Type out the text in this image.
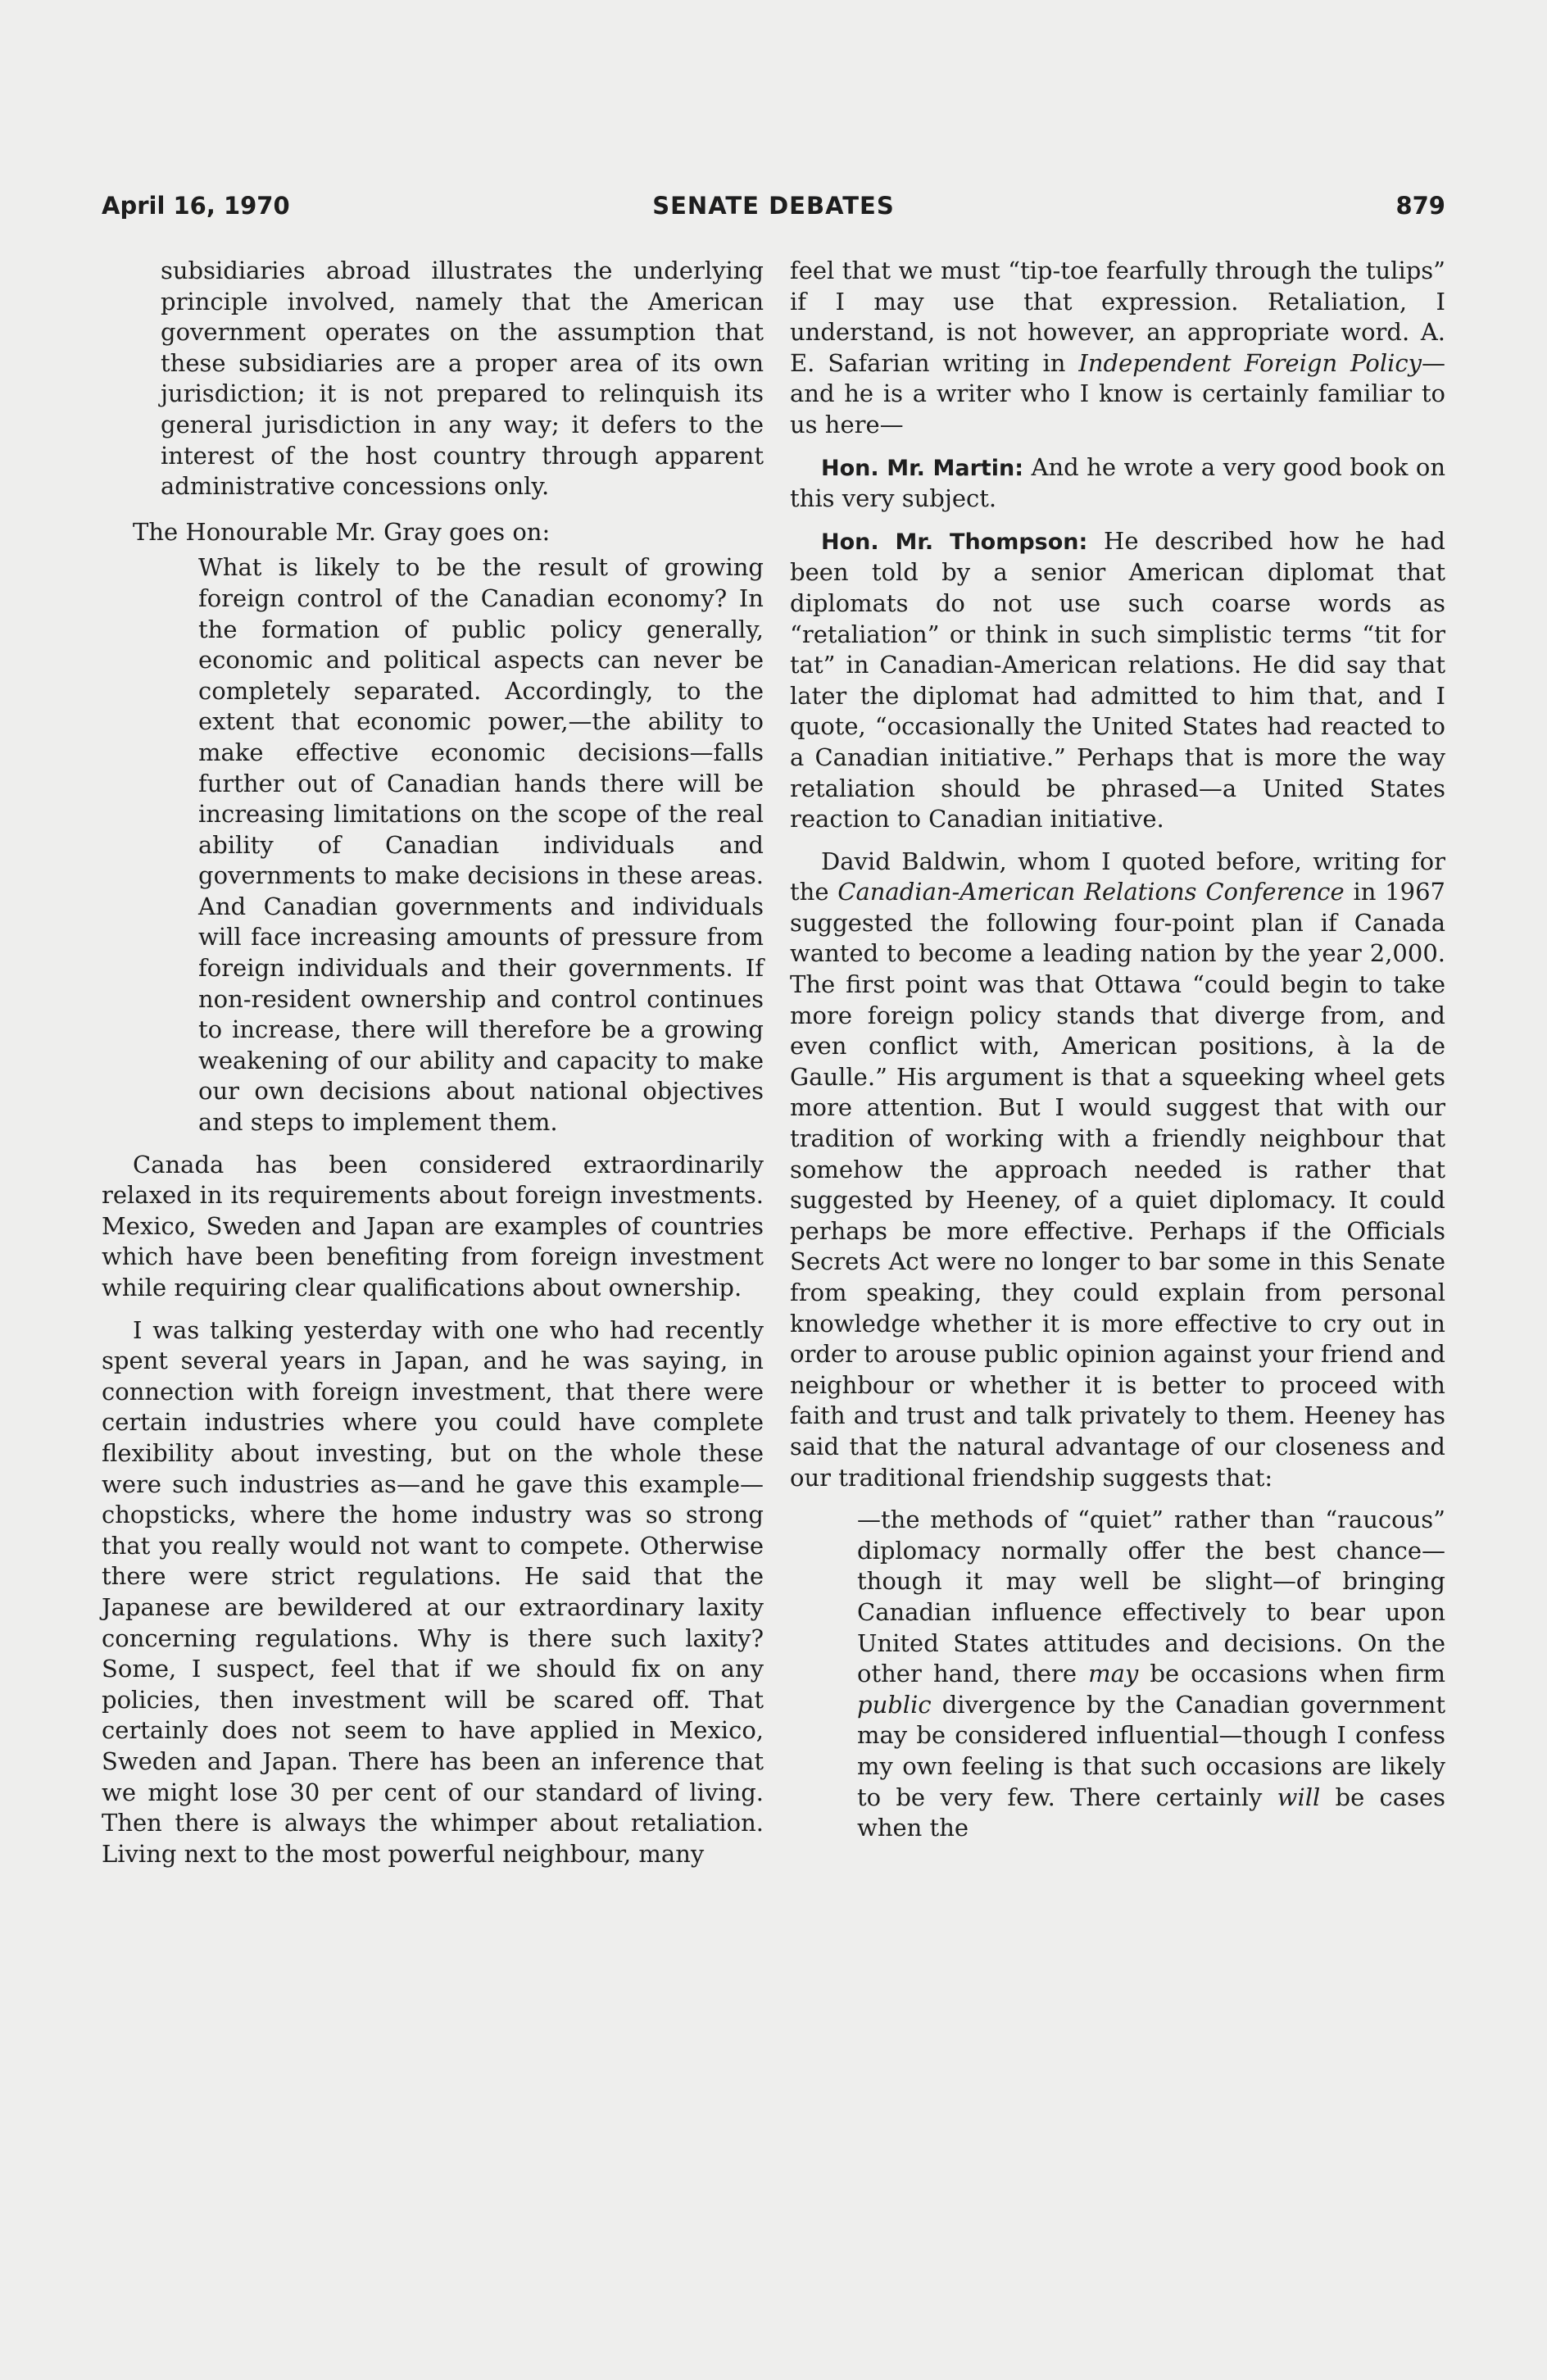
April 16, 1970	SENATE DEBATES	879
subsidiaries abroad illustrates the underlying principle involved, namely that the American government operates on the assumption that these subsidiaries are a proper area of its own jurisdiction; it is not prepared to relinquish its general jurisdiction in any way; it defers to the interest of the host country through apparent administrative concessions only.

The Honourable Mr. Gray goes on:

What is likely to be the result of growing foreign control of the Canadian economy? In the formation of public policy generally, economic and political aspects can never be completely separated. Accordingly, to the extent that economic power,—the ability to make effective economic decisions—falls further out of Canadian hands there will be increasing limitations on the scope of the real ability of Canadian individuals and governments to make decisions in these areas. And Canadian governments and individuals will face increasing amounts of pressure from foreign individuals and their governments. If non-resident ownership and control continues to increase, there will therefore be a growing weakening of our ability and capacity to make our own decisions about national objectives and steps to implement them.

Canada has been considered extraordinarily relaxed in its requirements about foreign investments. Mexico, Sweden and Japan are examples of countries which have been benefiting from foreign investment while requiring clear qualifications about ownership.

I was talking yesterday with one who had recently spent several years in Japan, and he was saying, in connection with foreign investment, that there were certain industries where you could have complete flexibility about investing, but on the whole these were such industries as—and he gave this example—chopsticks, where the home industry was so strong that you really would not want to compete. Otherwise there were strict regulations. He said that the Japanese are bewildered at our extraordinary laxity concerning regulations. Why is there such laxity? Some, I suspect, feel that if we should fix on any policies, then investment will be scared off. That certainly does not seem to have applied in Mexico, Sweden and Japan. There has been an inference that we might lose 30 per cent of our standard of living. Then there is always the whimper about retaliation. Living next to the most powerful neighbour, many

feel that we must “tip-toe fearfully through the tulips” if I may use that expression. Retaliation, I understand, is not however, an appropriate word. A. E. Safarian writing in Independent Foreign Policy—and he is a writer who I know is certainly familiar to us here—

Hon. Mr. Martin: And he wrote a very good book on this very subject.

Hon. Mr. Thompson: He described how he had been told by a senior American diplomat that diplomats do not use such coarse words as “retaliation” or think in such simplistic terms “tit for tat” in Canadian-American relations. He did say that later the diplomat had admitted to him that, and I quote, “occasionally the United States had reacted to a Canadian initiative.” Perhaps that is more the way retaliation should be phrased—a United States reaction to Canadian initiative.

David Baldwin, whom I quoted before, writing for the Canadian-American Relations Conference in 1967 suggested the following four-point plan if Canada wanted to become a leading nation by the year 2,000. The first point was that Ottawa “could begin to take more foreign policy stands that diverge from, and even conflict with, American positions, à la de Gaulle.” His argument is that a squeeking wheel gets more attention. But I would suggest that with our tradition of working with a friendly neighbour that somehow the approach needed is rather that suggested by Heeney, of a quiet diplomacy. It could perhaps be more effective. Perhaps if the Officials Secrets Act were no longer to bar some in this Senate from speaking, they could explain from personal knowledge whether it is more effective to cry out in order to arouse public opinion against your friend and neighbour or whether it is better to proceed with faith and trust and talk privately to them. Heeney has said that the natural advantage of our closeness and our traditional friendship suggests that:

—the methods of “quiet” rather than “raucous” diplomacy normally offer the best chance—though it may well be slight—of bringing Canadian influence effectively to bear upon United States attitudes and decisions. On the other hand, there may be occasions when firm public divergence by the Canadian government may be considered influential—though I confess my own feeling is that such occasions are likely to be very few. There certainly will be cases when the
